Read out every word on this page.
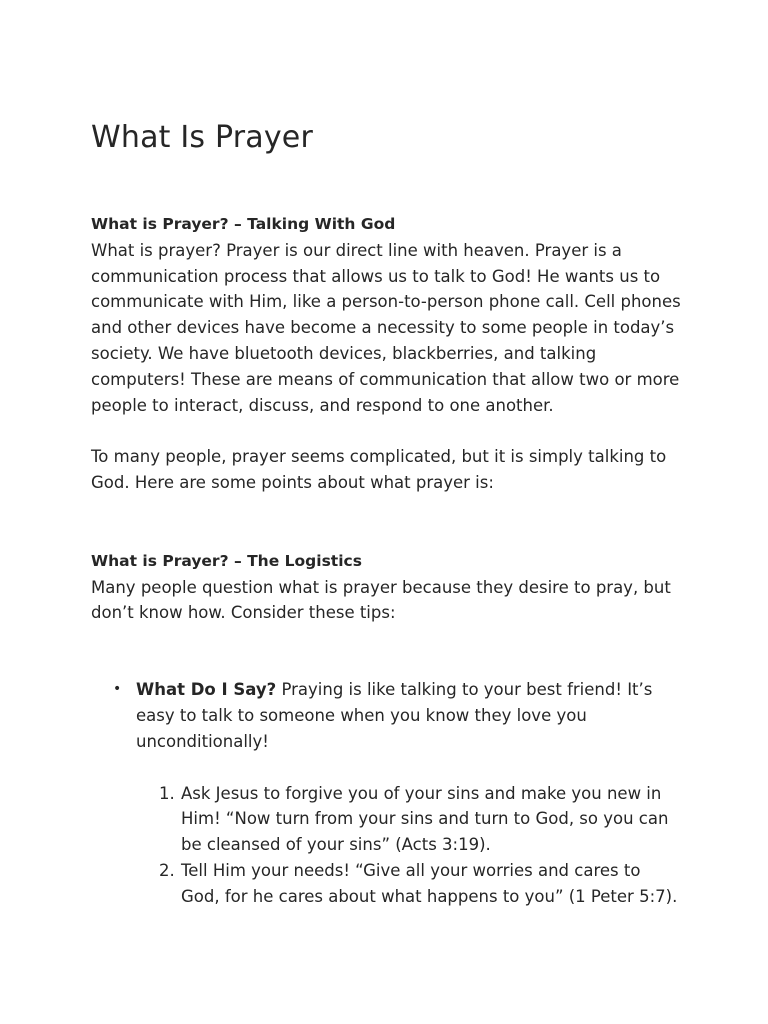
What Is Prayer
What is Prayer? – Talking With God

What is prayer? Prayer is our direct line with heaven. Prayer is a communication process that allows us to talk to God! He wants us to communicate with Him, like a person-to-person phone call. Cell phones and other devices have become a necessity to some people in today’s society. We have bluetooth devices, blackberries, and talking computers! These are means of communication that allow two or more people to interact, discuss, and respond to one another.

To many people, prayer seems complicated, but it is simply talking to God. Here are some points about what prayer is:

What is Prayer? – The Logistics

Many people question what is prayer because they desire to pray, but don’t know how. Consider these tips:

• What Do I Say? Praying is like talking to your best friend! It’s easy to talk to someone when you know they love you unconditionally!
1. Ask Jesus to forgive you of your sins and make you new in Him! “Now turn from your sins and turn to God, so you can be cleansed of your sins” (Acts 3:19).
2. Tell Him your needs! “Give all your worries and cares to God, for he cares about what happens to you” (1 Peter 5:7).
